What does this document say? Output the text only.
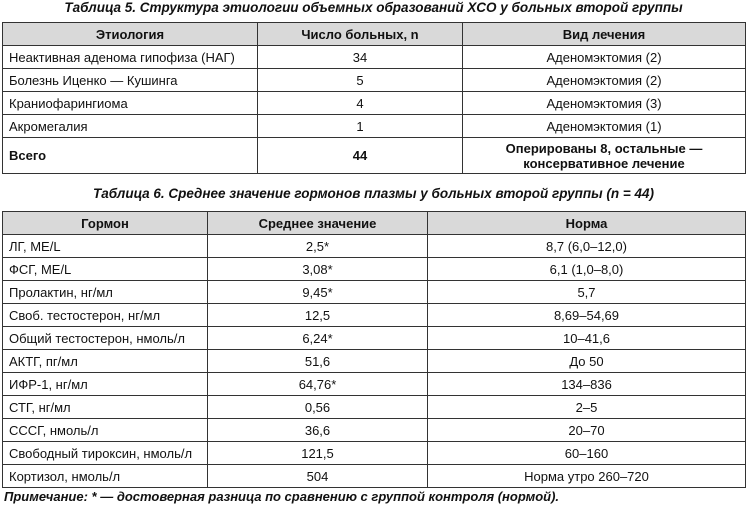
Таблица 5. Структура этиологии объемных образований ХСО у больных второй группы
Этиология	Число больных, n	Вид лечения
Неактивная аденома гипофиза (НАГ)	34	Аденомэктомия (2)
Болезнь Иценко — Кушинга	5	Аденомэктомия (2)
Краниофарингиома	4	Аденомэктомия (3)
Акромегалия	1	Аденомэктомия (1)
Всего	44	Оперированы 8, остальные — консервативное лечение
Таблица 6. Среднее значение гормонов плазмы у больных второй группы (n = 44)
Гормон	Среднее значение	Норма
ЛГ, МЕ/L	2,5*	8,7 (6,0–12,0)
ФСГ, МЕ/L	3,08*	6,1 (1,0–8,0)
Пролактин, нг/мл	9,45*	5,7
Своб. тестостерон, нг/мл	12,5	8,69–54,69
Общий тестостерон, нмоль/л	6,24*	10–41,6
АКТГ, пг/мл	51,6	До 50
ИФР-1, нг/мл	64,76*	134–836
СТГ, нг/мл	0,56	2–5
СССГ, нмоль/л	36,6	20–70
Свободный тироксин, нмоль/л	121,5	60–160
Кортизол, нмоль/л	504	Норма утро 260–720
Примечание: * — достоверная разница по сравнению с группой контроля (нормой).
